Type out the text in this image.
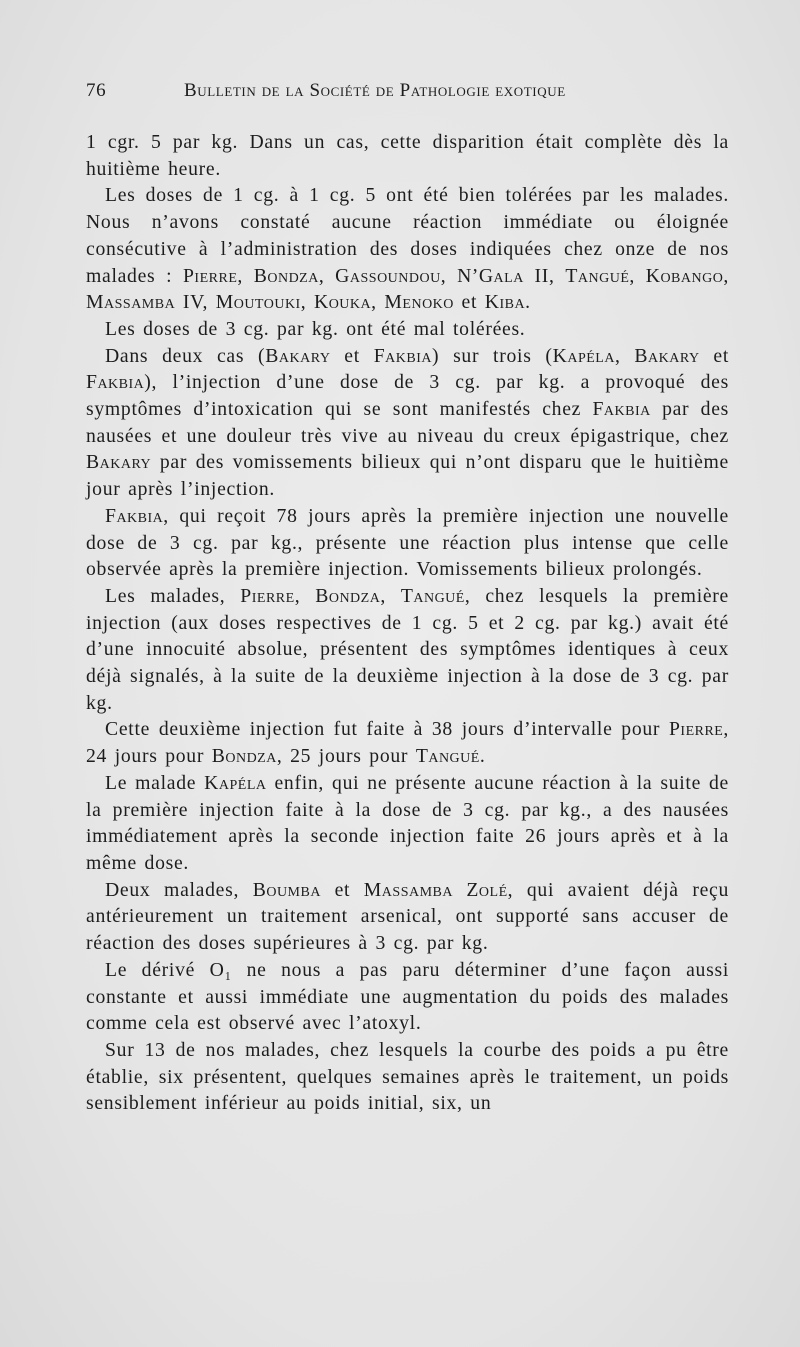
76	Bulletin de la Société de Pathologie exotique

1 cgr. 5 par kg. Dans un cas, cette disparition était complète dès la huitième heure.

Les doses de 1 cg. à 1 cg. 5 ont été bien tolérées par les malades. Nous n’avons constaté aucune réaction immédiate ou éloignée consécutive à l’administration des doses indiquées chez onze de nos malades : Pierre, Bondza, Gassoundou, N’Gala II, Tangué, Kobango, Massamba IV, Moutouki, Kouka, Menoko et Kiba.

Les doses de 3 cg. par kg. ont été mal tolérées.

Dans deux cas (Bakary et Fakbia) sur trois (Kapéla, Bakary et Fakbia), l’injection d’une dose de 3 cg. par kg. a provoqué des symptômes d’intoxication qui se sont manifestés chez Fakbia par des nausées et une douleur très vive au niveau du creux épigastrique, chez Bakary par des vomissements bilieux qui n’ont disparu que le huitième jour après l’injection.

Fakbia, qui reçoit 78 jours après la première injection une nouvelle dose de 3 cg. par kg., présente une réaction plus intense que celle observée après la première injection. Vomissements bilieux prolongés.

Les malades, Pierre, Bondza, Tangué, chez lesquels la première injection (aux doses respectives de 1 cg. 5 et 2 cg. par kg.) avait été d’une innocuité absolue, présentent des symptômes identiques à ceux déjà signalés, à la suite de la deuxième injection à la dose de 3 cg. par kg.

Cette deuxième injection fut faite à 38 jours d’intervalle pour Pierre, 24 jours pour Bondza, 25 jours pour Tangué.

Le malade Kapéla enfin, qui ne présente aucune réaction à la suite de la première injection faite à la dose de 3 cg. par kg., a des nausées immédiatement après la seconde injection faite 26 jours après et à la même dose.

Deux malades, Boumba et Massamba Zolé, qui avaient déjà reçu antérieurement un traitement arsenical, ont supporté sans accuser de réaction des doses supérieures à 3 cg. par kg.

Le dérivé O₁ ne nous a pas paru déterminer d’une façon aussi constante et aussi immédiate une augmentation du poids des malades comme cela est observé avec l’atoxyl.

Sur 13 de nos malades, chez lesquels la courbe des poids a pu être établie, six présentent, quelques semaines après le traitement, un poids sensiblement inférieur au poids initial, six, un
